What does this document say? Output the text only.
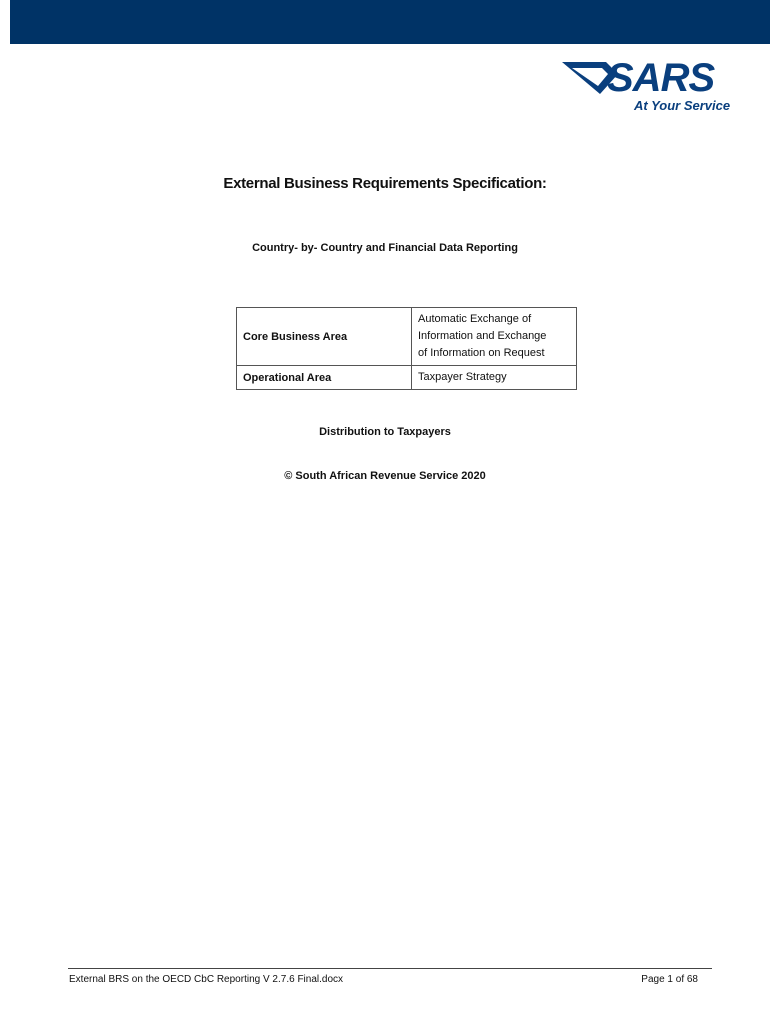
SARS
At Your Service
External Business Requirements Specification:
Country- by- Country and Financial Data Reporting
Core Business Area	Automatic Exchange of
Information and Exchange
of Information on Request

Operational Area	Taxpayer Strategy
Distribution to Taxpayers
© South African Revenue Service 2020
External BRS on the OECD CbC Reporting V 2.7.6 Final.docx	Page 1 of 68
